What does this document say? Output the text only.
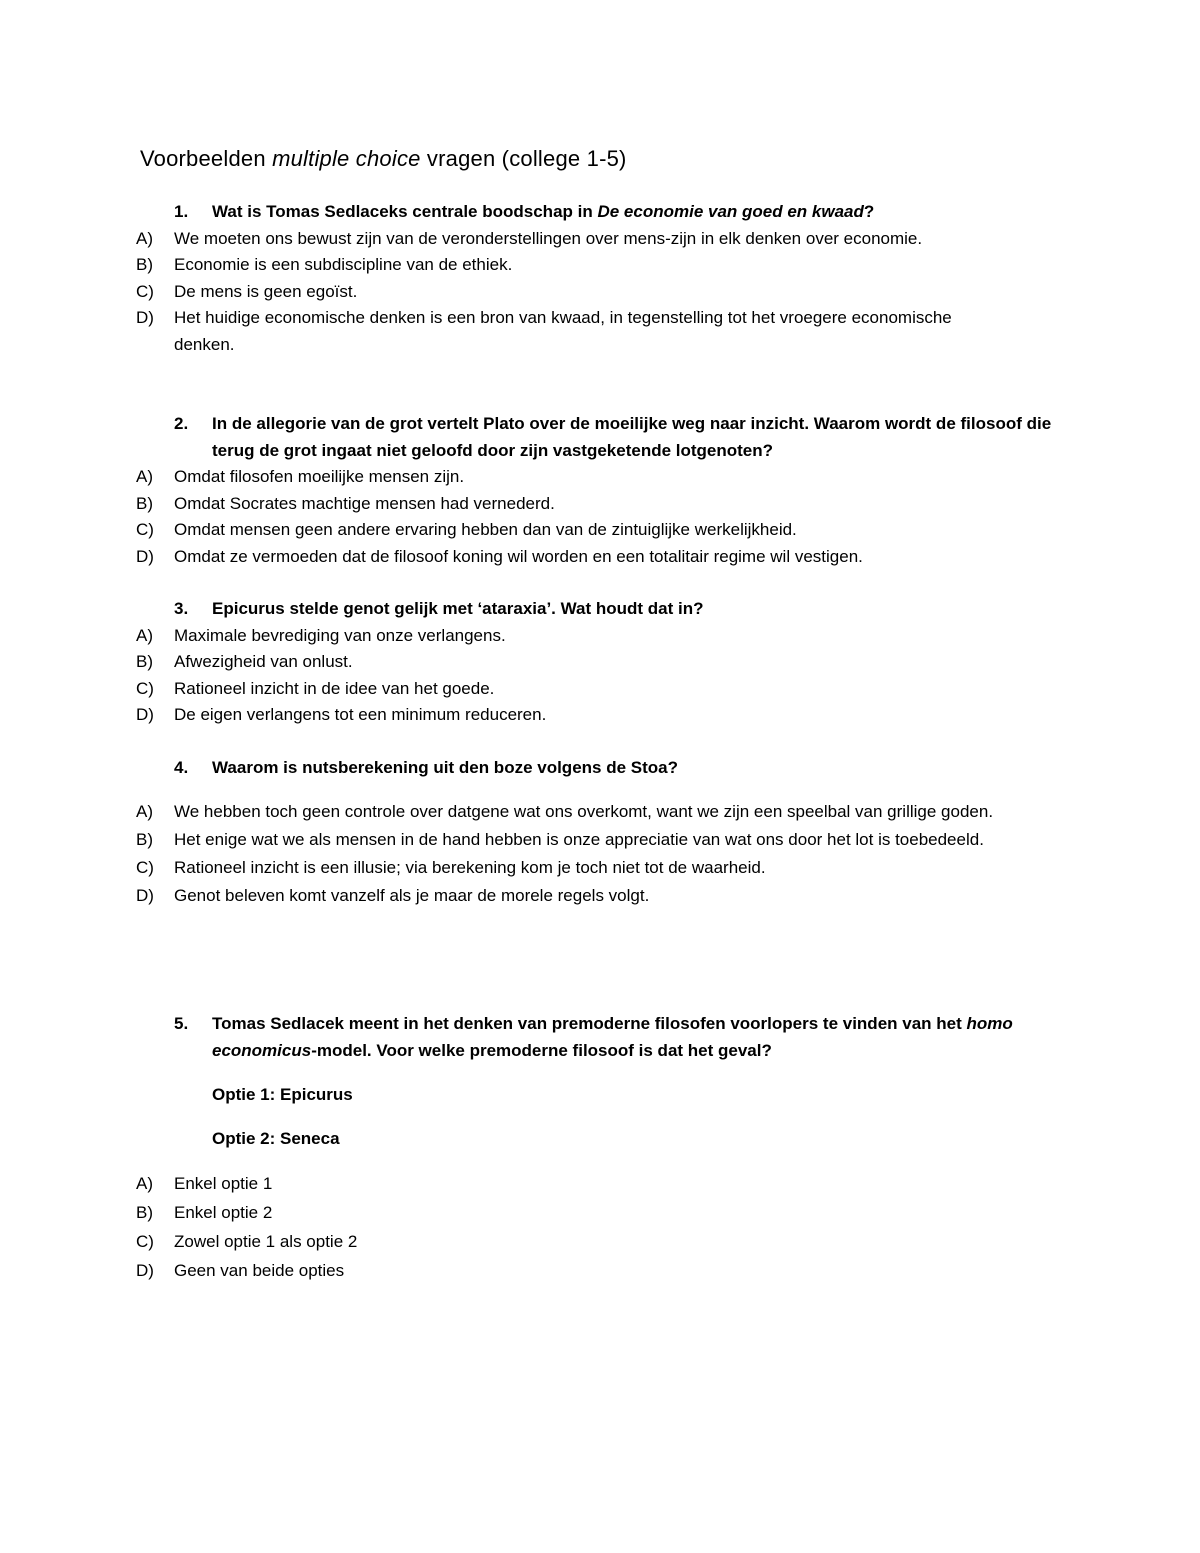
Voorbeelden multiple choice vragen (college 1-5)
1. Wat is Tomas Sedlaceks centrale boodschap in De economie van goed en kwaad?
A) We moeten ons bewust zijn van de veronderstellingen over mens-zijn in elk denken over economie.
B) Economie is een subdiscipline van de ethiek.
C) De mens is geen egoïst.
D) Het huidige economische denken is een bron van kwaad, in tegenstelling tot het vroegere economische denken.
2. In de allegorie van de grot vertelt Plato over de moeilijke weg naar inzicht. Waarom wordt de filosoof die terug de grot ingaat niet geloofd door zijn vastgeketende lotgenoten?
A) Omdat filosofen moeilijke mensen zijn.
B) Omdat Socrates machtige mensen had vernederd.
C) Omdat mensen geen andere ervaring hebben dan van de zintuiglijke werkelijkheid.
D) Omdat ze vermoeden dat de filosoof koning wil worden en een totalitair regime wil vestigen.
3. Epicurus stelde genot gelijk met ‘ataraxia’. Wat houdt dat in?
A) Maximale bevrediging van onze verlangens.
B) Afwezigheid van onlust.
C) Rationeel inzicht in de idee van het goede.
D) De eigen verlangens tot een minimum reduceren.
4. Waarom is nutsberekening uit den boze volgens de Stoa?
A) We hebben toch geen controle over datgene wat ons overkomt, want we zijn een speelbal van grillige goden.
B) Het enige wat we als mensen in de hand hebben is onze appreciatie van wat ons door het lot is toebedeeld.
C) Rationeel inzicht is een illusie; via berekening kom je toch niet tot de waarheid.
D) Genot beleven komt vanzelf als je maar de morele regels volgt.
5. Tomas Sedlacek meent in het denken van premoderne filosofen voorlopers te vinden van het homo economicus-model. Voor welke premoderne filosoof is dat het geval?
Optie 1: Epicurus
Optie 2: Seneca
A) Enkel optie 1
B) Enkel optie 2
C) Zowel optie 1 als optie 2
D) Geen van beide opties
